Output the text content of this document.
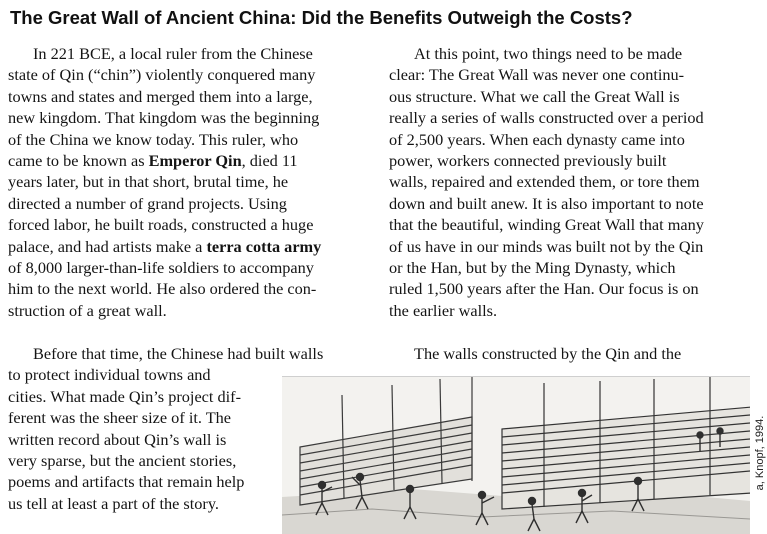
The Great Wall of Ancient China: Did the Benefits Outweigh the Costs?
In 221 BCE, a local ruler from the Chinese
state of Qin (“chin”) violently conquered many
towns and states and merged them into a large,
new kingdom. That kingdom was the beginning
of the China we know today. This ruler, who
came to be known as Emperor Qin, died 11
years later, but in that short, brutal time, he
directed a number of grand projects. Using
forced labor, he built roads, constructed a huge
palace, and had artists make a terra cotta army
of 8,000 larger-than-life soldiers to accompany
him to the next world. He also ordered the con-
struction of a great wall.
Before that time, the Chinese had built walls
to protect individual towns and
cities. What made Qin’s project dif-
ferent was the sheer size of it. The
written record about Qin’s wall is
very sparse, but the ancient stories,
poems and artifacts that remain help
us tell at least a part of the story.
At this point, two things need to be made
clear: The Great Wall was never one continu-
ous structure. What we call the Great Wall is
really a series of walls constructed over a period
of 2,500 years. When each dynasty came into
power, workers connected previously built
walls, repaired and extended them, or tore them
down and built anew. It is also important to note
that the beautiful, winding Great Wall that many
of us have in our minds was built not by the Qin
or the Han, but by the Ming Dynasty, which
ruled 1,500 years after the Han. Our focus is on
the earlier walls.
The walls constructed by the Qin and the
a, Knopf, 1994.
